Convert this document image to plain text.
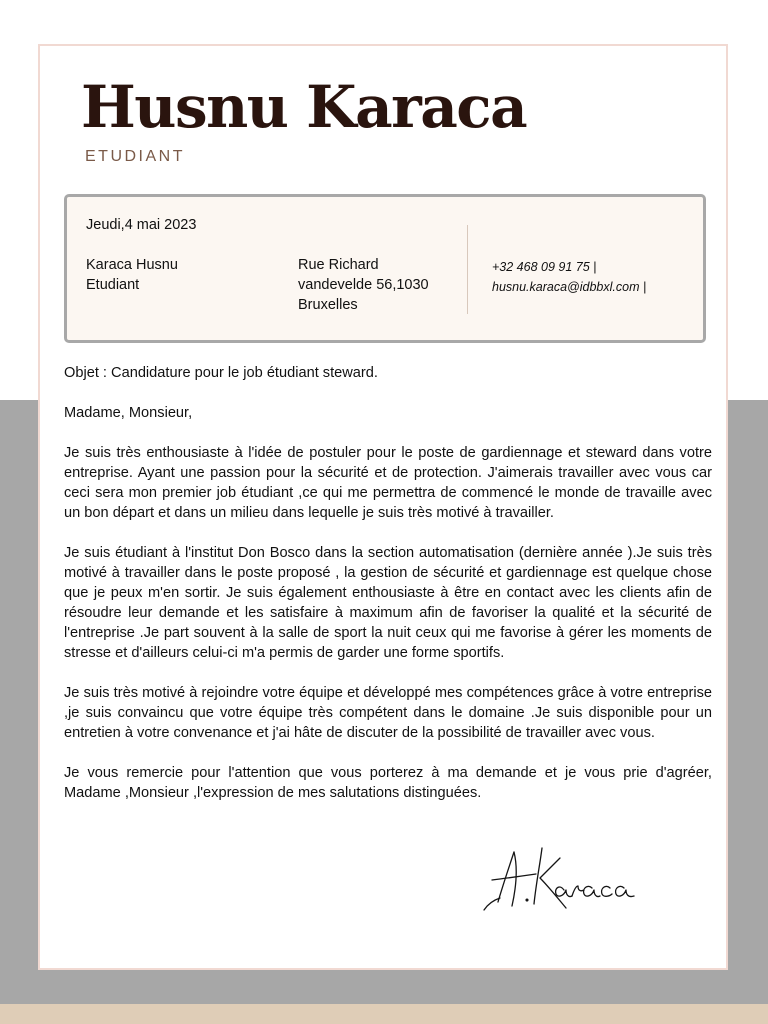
Husnu Karaca
ETUDIANT
Jeudi,4 mai 2023
Karaca Husnu
Etudiant
Rue Richard
vandevelde 56,1030
Bruxelles
+32 468 09 91 75 |
husnu.karaca@idbbxl.com |

Objet : Candidature pour le job étudiant steward.

Madame, Monsieur,

Je suis très enthousiaste à l'idée de postuler pour le poste de gardiennage et steward dans votre entreprise. Ayant une passion pour la sécurité et de protection. J'aimerais travailler avec vous car ceci sera mon premier job étudiant ,ce qui me permettra de commencé le monde de travaille avec un bon départ et dans un milieu dans lequelle je suis très motivé à travailler.

Je suis étudiant à l'institut Don Bosco dans la section automatisation (dernière année ).Je suis très motivé à travailler dans le poste proposé , la gestion de sécurité et gardiennage est quelque chose que je peux m'en sortir. Je suis également enthousiaste à être en contact avec les clients afin de résoudre leur demande et les satisfaire à maximum afin de favoriser la qualité et la sécurité de l'entreprise .Je part souvent à la salle de sport la nuit ceux qui me favorise à gérer les moments de stresse et d'ailleurs celui-ci m'a permis de garder une forme sportifs.

Je suis très motivé à rejoindre votre équipe et développé mes compétences grâce à votre entreprise ,je suis convaincu que votre équipe très compétent dans le domaine .Je suis disponible pour un entretien à votre convenance et j'ai hâte de discuter de la possibilité de travailler avec vous.

Je vous remercie pour l'attention que vous porterez à ma demande et je vous prie d'agréer, Madame ,Monsieur ,l'expression de mes salutations distinguées.
